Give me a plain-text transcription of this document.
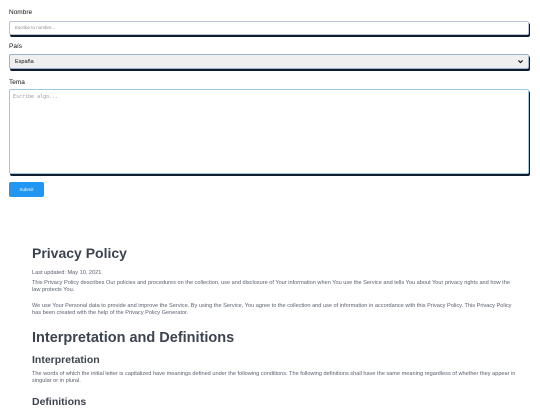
Nombre
Escribe tu nombre...
País
España
Tema
Escribe algo...
Submit
Privacy Policy

Last updated: May 10, 2021

This Privacy Policy describes Our policies and procedures on the collection, use and disclosure of Your information when You use the Service and tells You about Your privacy rights and how the law protects You.

We use Your Personal data to provide and improve the Service. By using the Service, You agree to the collection and use of information in accordance with this Privacy Policy. This Privacy Policy has been created with the help of the Privacy Policy Generator.

Interpretation and Definitions
Interpretation

The words of which the initial letter is capitalized have meanings defined under the following conditions. The following definitions shall have the same meaning regardless of whether they appear in singular or in plural.

Definitions
